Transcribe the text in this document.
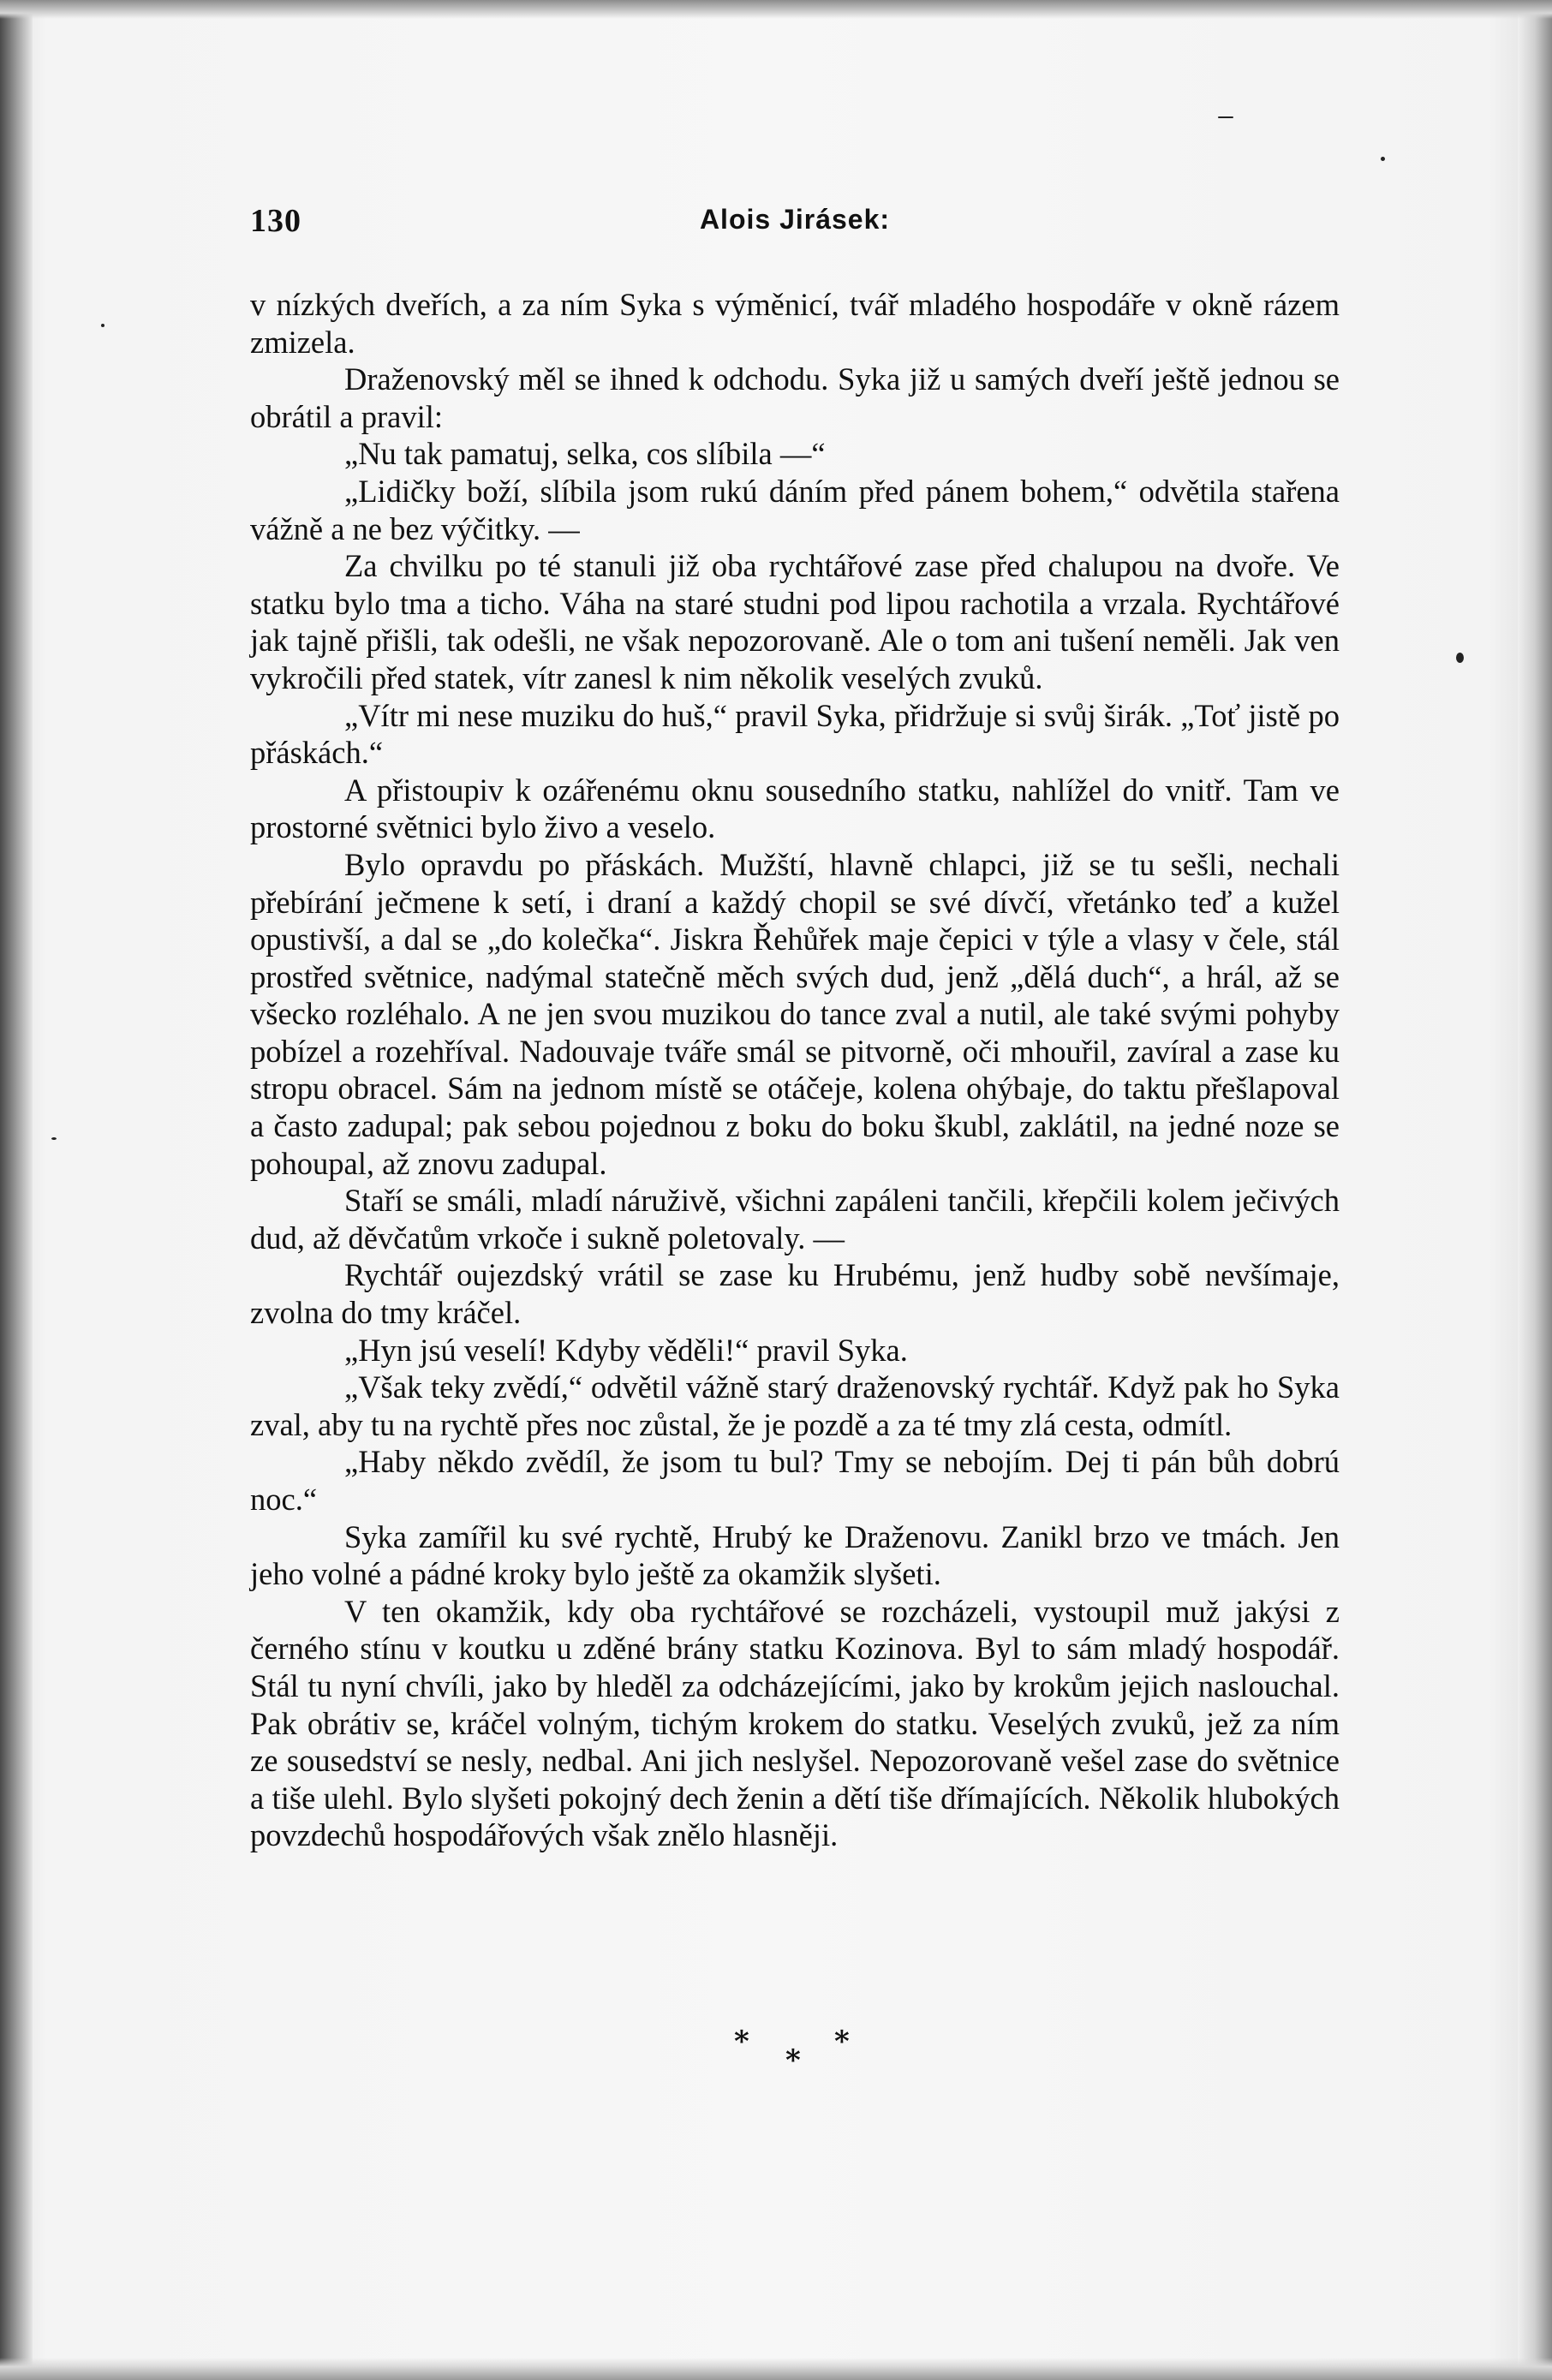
130	Alois Jirásek:

v nízkých dveřích, a za ním Syka s výměnicí, tvář mladého hospodáře v okně rázem zmizela.

Draženovský měl se ihned k odchodu. Syka již u samých dveří ještě jednou se obrátil a pravil:

„Nu tak pamatuj, selka, cos slíbila —“

„Lidičky boží, slíbila jsom rukú dáním před pánem bohem,“ odvětila stařena vážně a ne bez výčitky. —

Za chvilku po té stanuli již oba rychtářové zase před chalupou na dvoře. Ve statku bylo tma a ticho. Váha na staré studni pod lipou rachotila a vrzala. Rychtářové jak tajně přišli, tak odešli, ne však nepozorovaně. Ale o tom ani tušení neměli. Jak ven vykročili před statek, vítr zanesl k nim několik veselých zvuků.

„Vítr mi nese muziku do huš,“ pravil Syka, přidržuje si svůj širák. „Toť jistě po přáskách.“

A přistoupiv k ozářenému oknu sousedního statku, nahlížel do vnitř. Tam ve prostorné světnici bylo živo a veselo.

Bylo opravdu po přáskách. Mužští, hlavně chlapci, již se tu sešli, nechali přebírání ječmene k setí, i draní a každý chopil se své dívčí, vřetánko teď a kužel opustivší, a dal se „do kolečka“. Jiskra Řehůřek maje čepici v týle a vlasy v čele, stál prostřed světnice, nadýmal statečně měch svých dud, jenž „dělá duch“, a hrál, až se všecko rozléhalo. A ne jen svou muzikou do tance zval a nutil, ale také svými pohyby pobízel a rozehříval. Nadouvaje tváře smál se pitvorně, oči mhouřil, zavíral a zase ku stropu obracel. Sám na jednom místě se otáčeje, kolena ohýbaje, do taktu přešlapoval a často zadupal; pak sebou pojednou z boku do boku škubl, zaklátil, na jedné noze se pohoupal, až znovu zadupal.

Staří se smáli, mladí náruživě, všichni zapáleni tančili, křepčili kolem ječivých dud, až děvčatům vrkoče i sukně poletovaly. —

Rychtář oujezdský vrátil se zase ku Hrubému, jenž hudby sobě nevšímaje, zvolna do tmy kráčel.

„Hyn jsú veselí! Kdyby věděli!“ pravil Syka.

„Však teky zvědí,“ odvětil vážně starý draženovský rychtář. Když pak ho Syka zval, aby tu na rychtě přes noc zůstal, že je pozdě a za té tmy zlá cesta, odmítl.

„Haby někdo zvědíl, že jsom tu bul? Tmy se nebojím. Dej ti pán bůh dobrú noc.“

Syka zamířil ku své rychtě, Hrubý ke Draženovu. Zanikl brzo ve tmách. Jen jeho volné a pádné kroky bylo ještě za okamžik slyšeti.

V ten okamžik, kdy oba rychtářové se rozcházeli, vystoupil muž jakýsi z černého stínu v koutku u zděné brány statku Kozinova. Byl to sám mladý hospodář. Stál tu nyní chvíli, jako by hleděl za odcházejícími, jako by krokům jejich naslouchal. Pak obrátiv se, kráčel volným, tichým krokem do statku. Veselých zvuků, jež za ním ze sousedství se nesly, nedbal. Ani jich neslyšel. Nepozorovaně vešel zase do světnice a tiše ulehl. Bylo slyšeti pokojný dech ženin a dětí tiše dřímajících. Několik hlubokých povzdechů hospodářových však znělo hlasněji.

*
*
*
